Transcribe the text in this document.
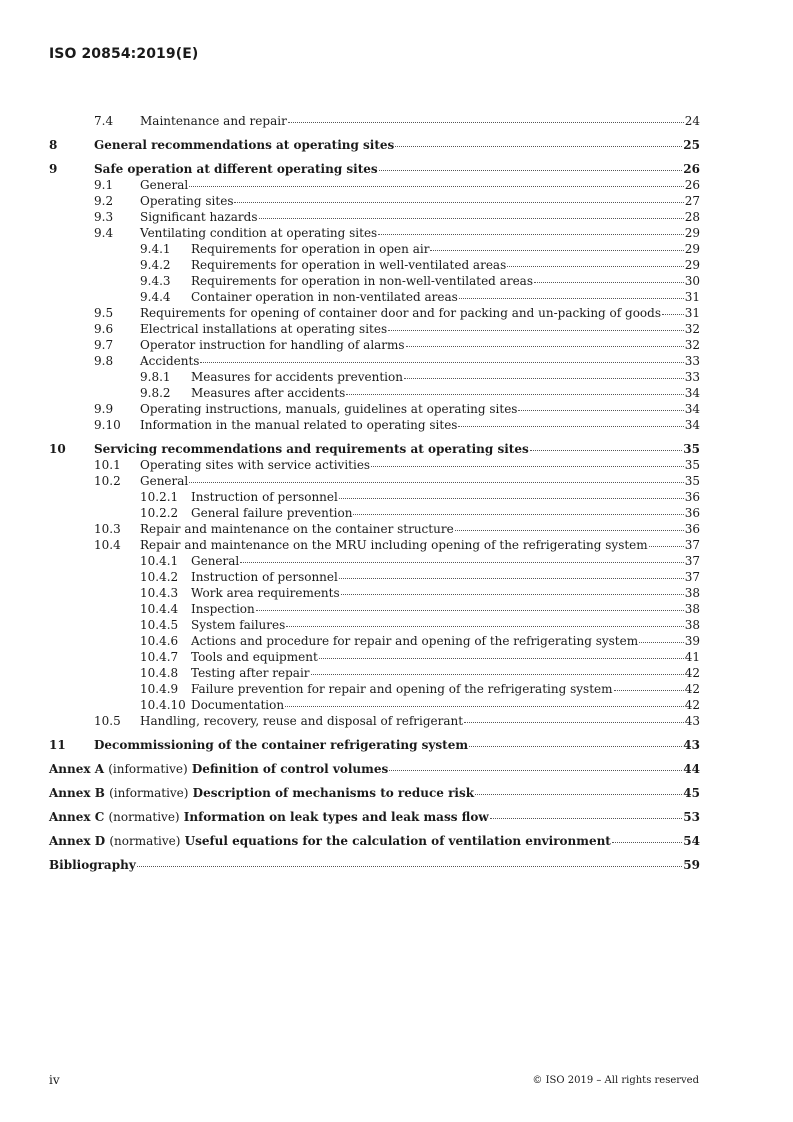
ISO 20854:2019(E)
7.4	Maintenance and repair	24
8	General recommendations at operating sites	25
9	Safe operation at different operating sites	26
9.1	General	26
9.2	Operating sites	27
9.3	Significant hazards	28
9.4	Ventilating condition at operating sites	29
9.4.1	Requirements for operation in open air	29
9.4.2	Requirements for operation in well-ventilated areas	29
9.4.3	Requirements for operation in non-well-ventilated areas	30
9.4.4	Container operation in non-ventilated areas	31
9.5	Requirements for opening of container door and for packing and un-packing of goods 31
9.6	Electrical installations at operating sites	32
9.7	Operator instruction for handling of alarms	32
9.8	Accidents	33
9.8.1	Measures for accidents prevention	33
9.8.2	Measures after accidents	34
9.9	Operating instructions, manuals, guidelines at operating sites	34
9.10	Information in the manual related to operating sites	34
10	Servicing recommendations and requirements at operating sites	35
10.1	Operating sites with service activities	35
10.2	General	35
10.2.1	Instruction of personnel	36
10.2.2	General failure prevention	36
10.3	Repair and maintenance on the container structure	36
10.4	Repair and maintenance on the MRU including opening of the refrigerating system	37
10.4.1	General	37
10.4.2	Instruction of personnel	37
10.4.3	Work area requirements	38
10.4.4	Inspection	38
10.4.5	System failures	38
10.4.6	Actions and procedure for repair and opening of the refrigerating system	39
10.4.7	Tools and equipment	41
10.4.8	Testing after repair	42
10.4.9	Failure prevention for repair and opening of the refrigerating system	42
10.4.10 Documentation	42
10.5	Handling, recovery, reuse and disposal of refrigerant	43
11	Decommissioning of the container refrigerating system	43
Annex A (informative) Definition of control volumes	44
Annex B (informative) Description of mechanisms to reduce risk	45
Annex C (normative) Information on leak types and leak mass flow	53
Annex D (normative) Useful equations for the calculation of ventilation environment	54
Bibliography	59
iv	© ISO 2019 – All rights reserved
